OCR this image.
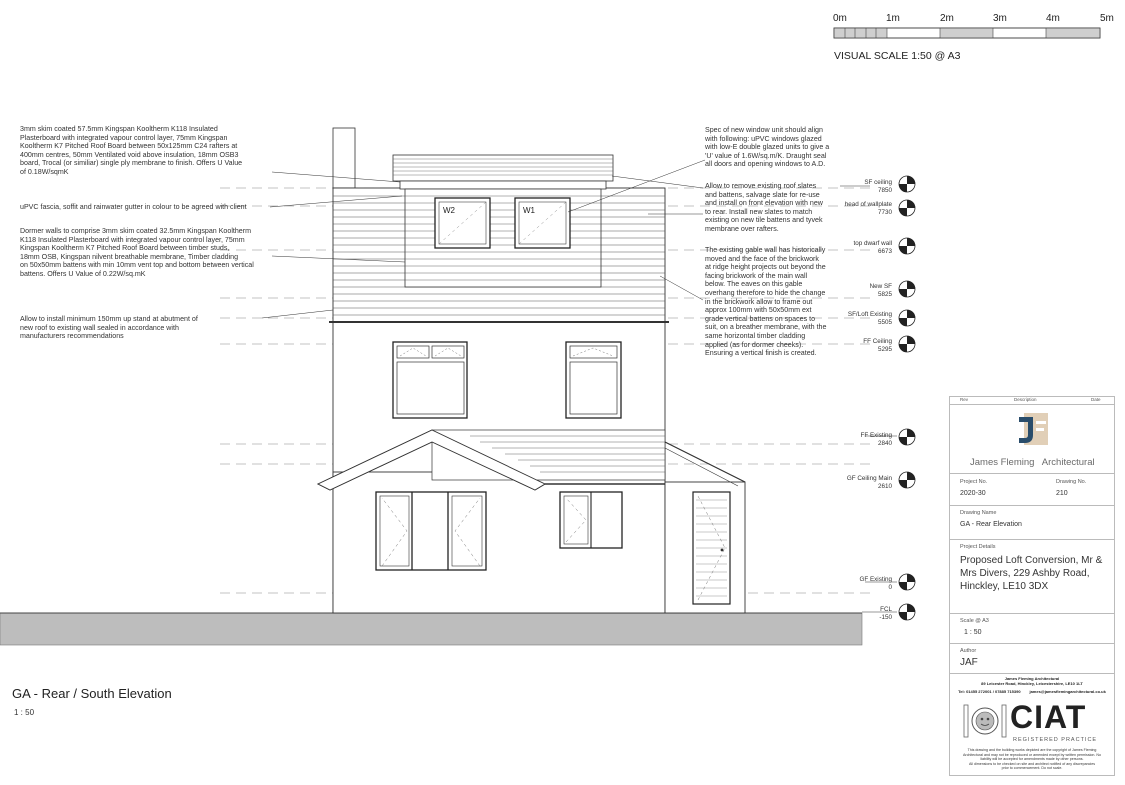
0m	1m	2m	3m	4m	5m
VISUAL SCALE 1:50 @ A3
W2	W1
3mm skim coated 57.5mm Kingspan Kooltherm K118 Insulated
Plasterboard with integrated vapour control layer, 75mm Kingspan
Kooltherm K7 Pitched Roof Board between 50x125mm C24 rafters at
400mm centres, 50mm Ventilated void above insulation, 18mm OSB3
board, Trocal (or similiar) single ply membrane to finish. Offers U Value
of 0.18W/sqmK
uPVC fascia, soffit and rainwater gutter in colour to be agreed with client
Dormer walls to comprise 3mm skim coated 32.5mm Kingspan Kooltherm
K118 Insulated Plasterboard with integrated vapour control layer, 75mm
Kingspan Kooltherm K7 Pitched Roof Board between timber studs,
18mm OSB, Kingspan nilvent breathable membrane, Timber cladding
on 50x50mm battens with min 10mm vent top and bottom between vertical
battens. Offers U Value of 0.22W/sq.mK
Allow to install minimum 150mm up stand at abutment of
new roof to existing wall sealed in accordance with
manufacturers recommendations
Spec of new window unit should align
with following: uPVC windows glazed
with low-E double glazed units to give a
'U' value of 1.6W/sq.m/K. Draught seal
all doors and opening windows to A.D.
Allow to remove existing roof slates
and battens, salvage slate for re-use
and install on front elevation with new
to rear. Install new slates to match
existing on new tile battens and tyvek
membrane over rafters.
The existing gable wall has historically
moved and the face of the brickwork
at ridge height projects out beyond the
facing brickwork of the main wall
below. The eaves on this gable
overhang therefore to hide the change
in the brickwork allow to frame out
approx 100mm with 50x50mm ext
grade vertical battens on spaces to
suit, on a breather membrane, with the
same horizontal timber cladding
applied (as for dormer cheeks).
Ensuring a vertical finish is created.
SF ceiling
7850
head of wallplate
7730
top dwarf wall
6673
New SF
5825
SF/Loft Existing
5505
FF Ceiling
5295
FF Existing
2840
GF Ceiling Main
2610
GF Existing
0
FCL
-150
GA - Rear / South Elevation
1 : 50
Rev	Description	Date
James Fleming   Architectural
Project No.	Drawing No.
2020-30	210
Drawing Name
GA - Rear Elevation
Project Details
Proposed Loft Conversion, Mr &
Mrs Divers, 229 Ashby Road,
Hinckley, LE10 3DX
Scale @ A3
1 : 50
Author
JAF
James Fleming Architectural
89 Leicester Road, Hinckley, Leicestershire, LE10 1LT
Tel: 01455 272001 / 07885 715390        james@jamesflemingarchitectural.co.uk
CIAT
REGISTERED PRACTICE
This drawing and the building works depicted are the copyright of James Fleming
Architectural and may not be reproduced or amended except by written permission. No
liability will be accepted for amendments made by other persons.
All dimensions to be checked on site and architect notified of any discrepancies
prior to commencement. Do not scale.
